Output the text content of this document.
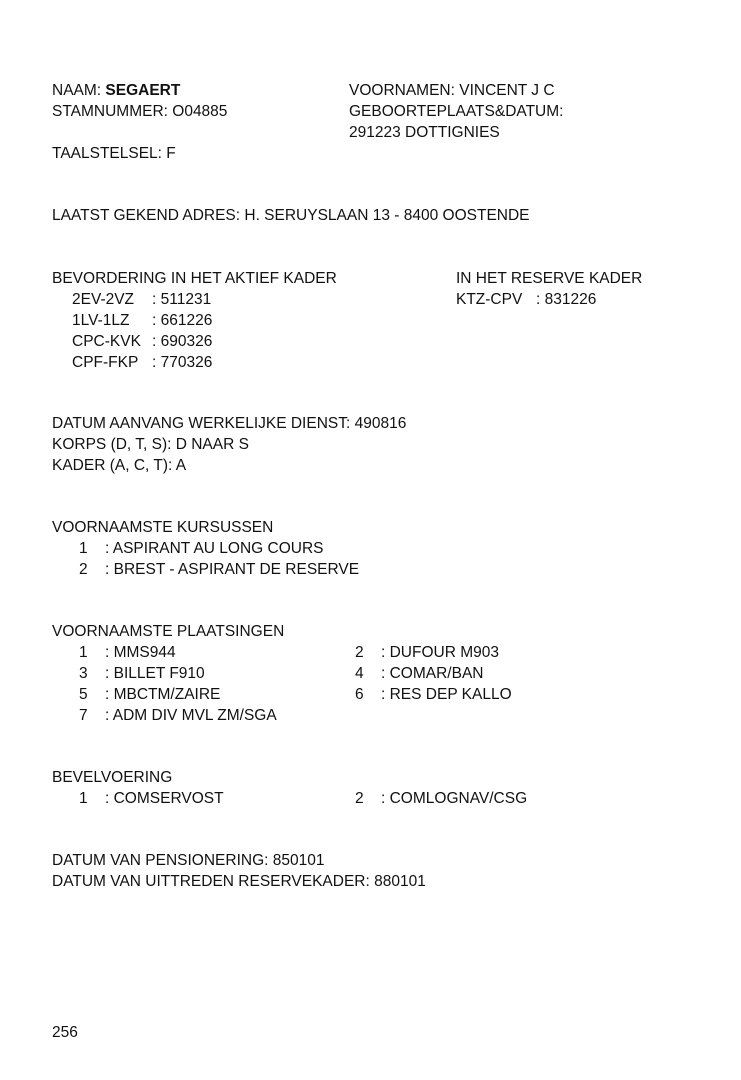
NAAM: SEGAERT
STAMNUMMER: O04885
TAALSTELSEL: F
VOORNAMEN: VINCENT J C
GEBOORTEPLAATS&DATUM:
291223 DOTTIGNIES
LAATST GEKEND ADRES: H. SERUYSLAAN 13 - 8400 OOSTENDE
BEVORDERING IN HET AKTIEF KADER
2EV-2VZ : 511231
1LV-1LZ : 661226
CPC-KVK : 690326
CPF-FKP : 770326
IN HET RESERVE KADER
KTZ-CPV : 831226
DATUM AANVANG WERKELIJKE DIENST: 490816
KORPS (D, T, S): D NAAR S
KADER (A, C, T): A
VOORNAAMSTE KURSUSSEN
1 : ASPIRANT AU LONG COURS
2 : BREST - ASPIRANT DE RESERVE
VOORNAAMSTE PLAATSINGEN
1 : MMS944	2 : DUFOUR M903
3 : BILLET F910	4 : COMAR/BAN
5 : MBCTM/ZAIRE	6 : RES DEP KALLO
7 : ADM DIV MVL ZM/SGA
BEVELVOERING
1 : COMSERVOST	2 : COMLOGNAV/CSG
DATUM VAN PENSIONERING: 850101
DATUM VAN UITTREDEN RESERVEKADER: 880101
256
